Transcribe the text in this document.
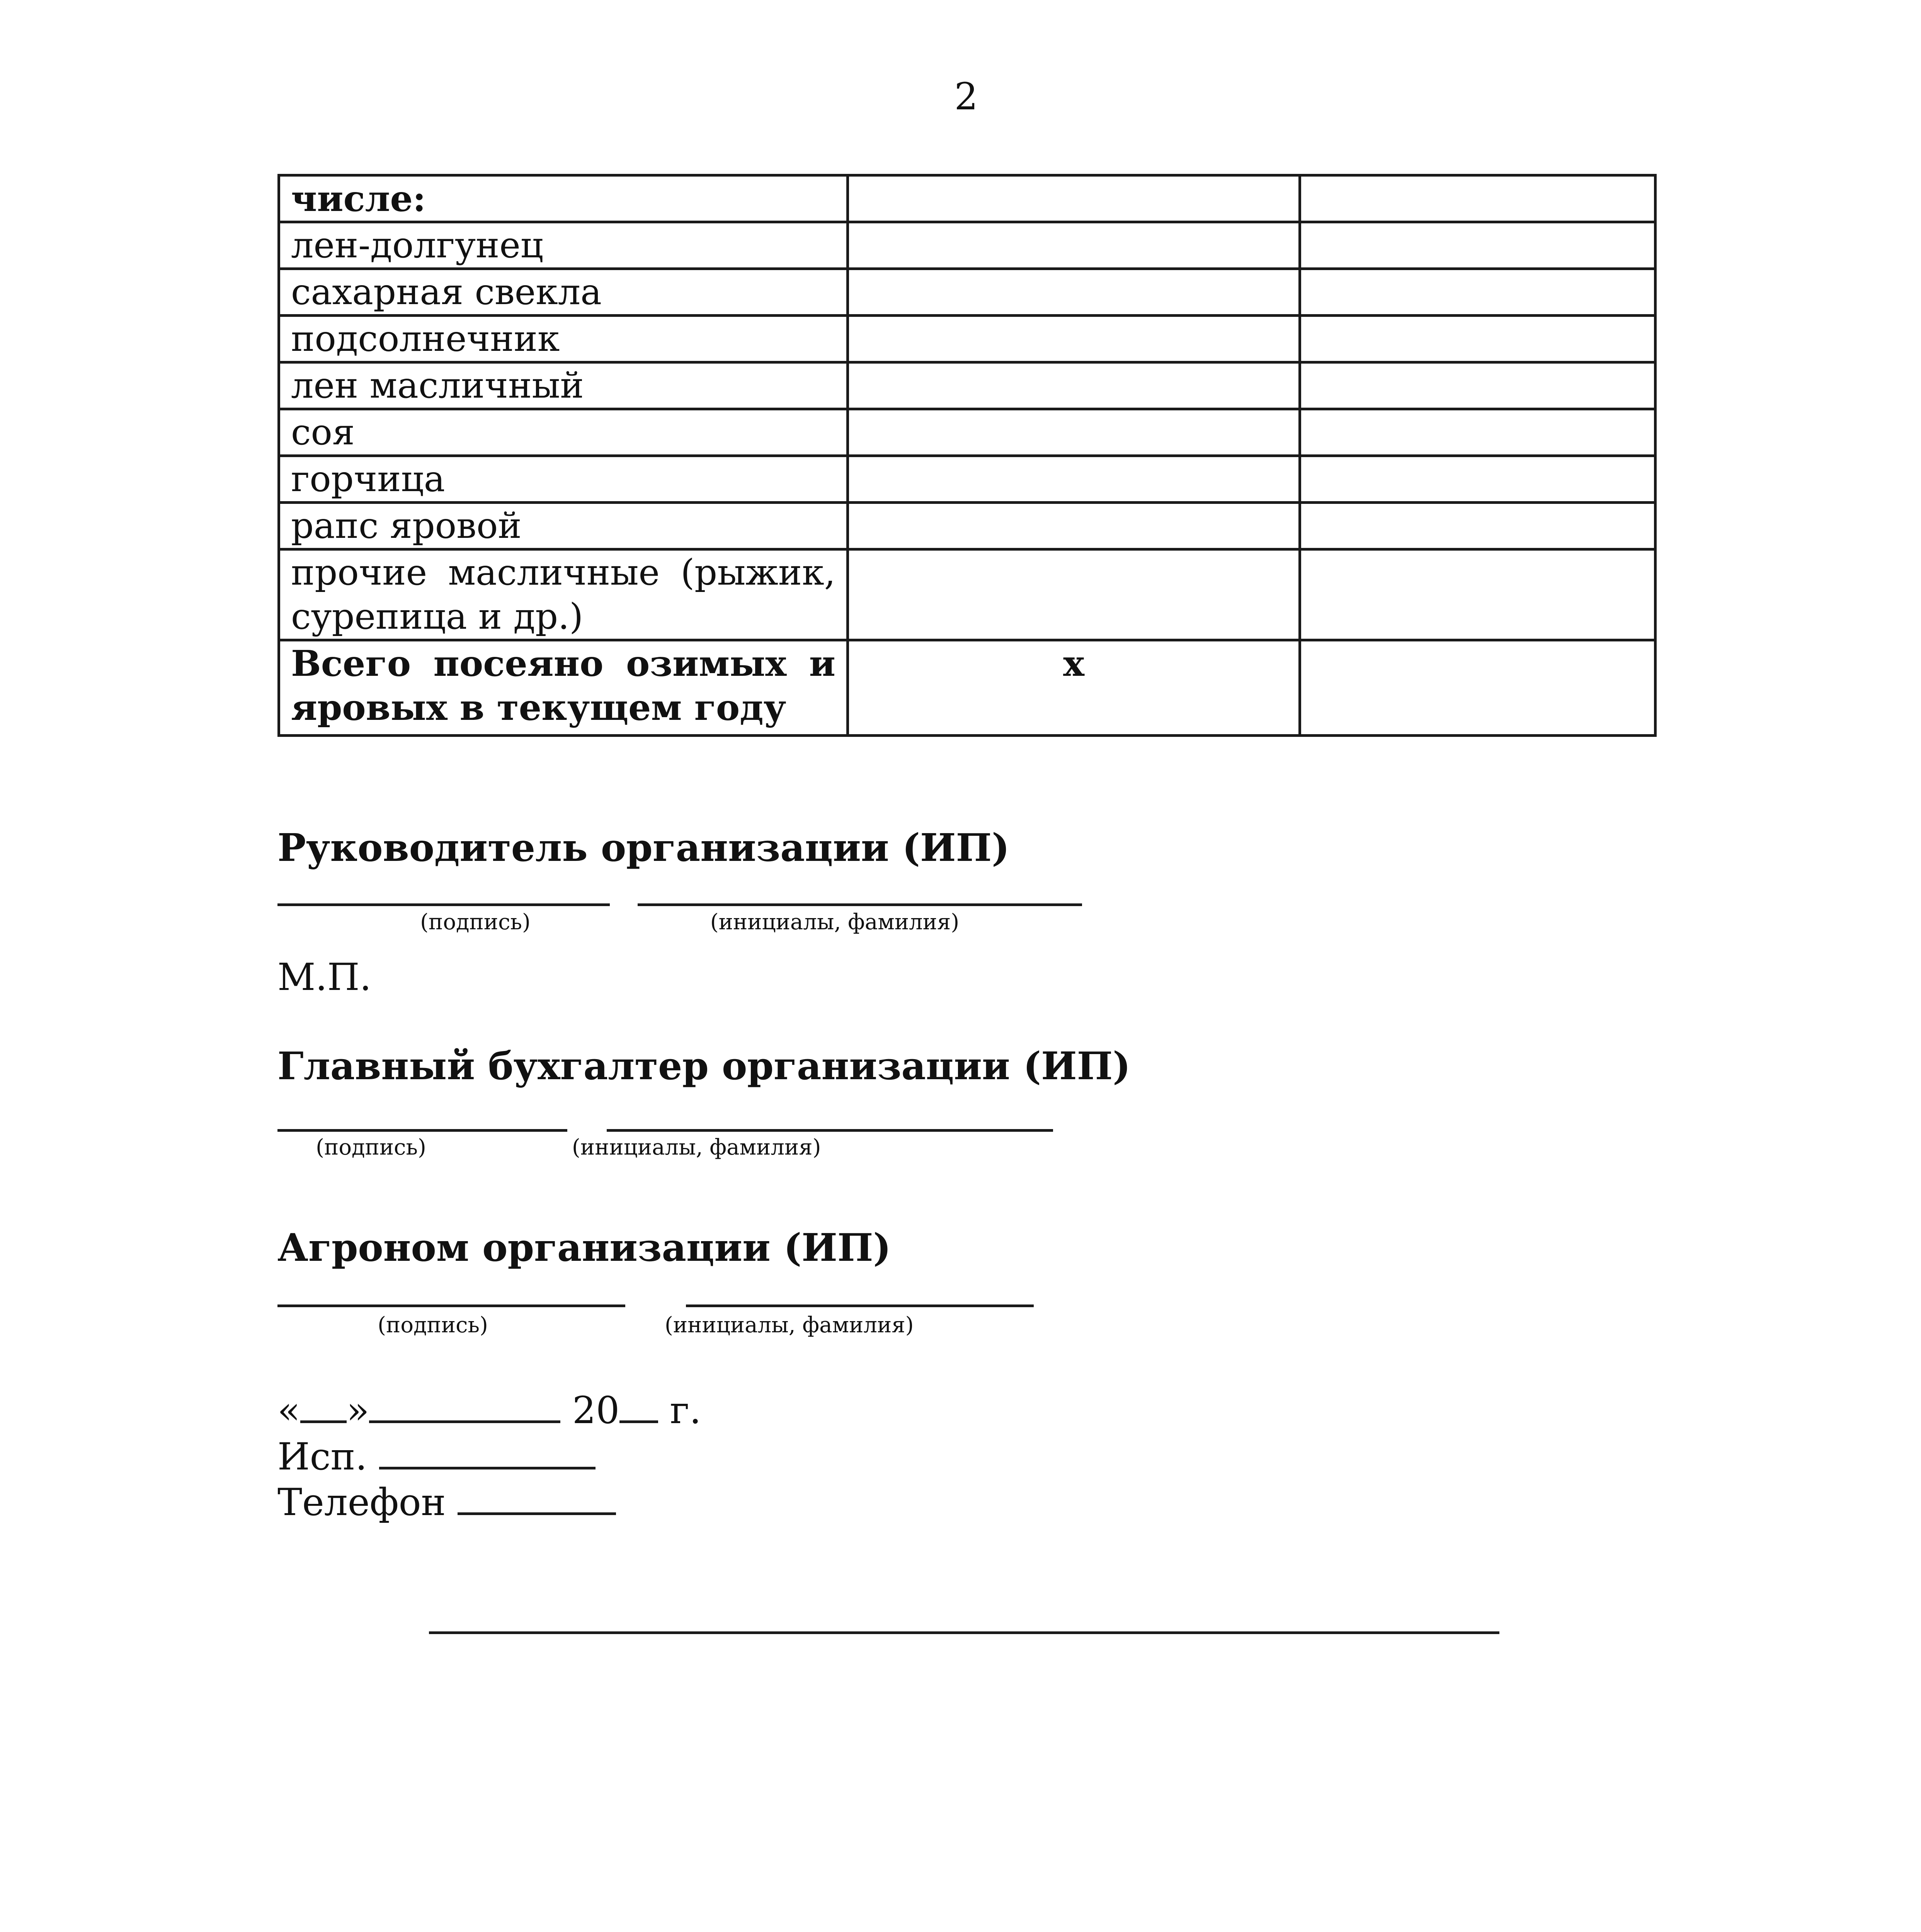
2
числе:		
лен-долгунец		
сахарная свекла		
подсолнечник		
лен масличный		
соя		
горчица		
рапс яровой		
прочие масличные (рыжик, сурепица и др.)		
Всего посеяно озимых и яровых в текущем году	х	
Руководитель организации (ИП)
(подпись)	(инициалы, фамилия)
М.П.
Главный бухгалтер организации (ИП)
(подпись)	(инициалы, фамилия)
Агроном организации (ИП)
(подпись)	(инициалы, фамилия)
« »	20 г.
Исп.
Телефон
